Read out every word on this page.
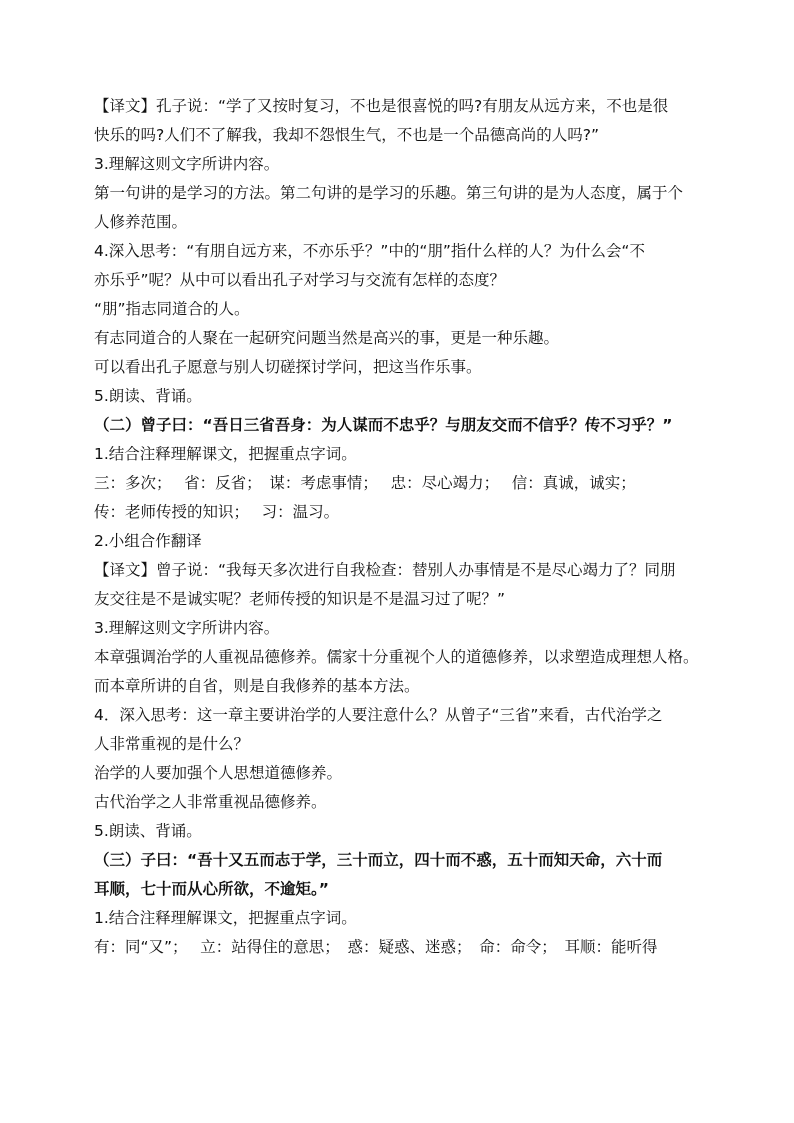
【译文】孔子说：“学了又按时复习，不也是很喜悦的吗?有朋友从远方来，不也是很

快乐的吗?人们不了解我，我却不怨恨生气，不也是一个品德高尚的人吗?”

3.理解这则文字所讲内容。

第一句讲的是学习的方法。第二句讲的是学习的乐趣。第三句讲的是为人态度，属于个

人修养范围。

4.深入思考：“有朋自远方来，不亦乐乎？”中的“朋”指什么样的人？为什么会“不

亦乐乎”呢？从中可以看出孔子对学习与交流有怎样的态度？

“朋”指志同道合的人。

有志同道合的人聚在一起研究问题当然是高兴的事，更是一种乐趣。

可以看出孔子愿意与别人切磋探讨学问，把这当作乐事。

5.朗读、背诵。

（二）曾子曰：“吾日三省吾身：为人谋而不忠乎？与朋友交而不信乎？传不习乎？”

1.结合注释理解课文，把握重点字词。

三：多次；　 省：反省；　谋：考虑事情；　 忠：尽心竭力；　 信：真诚，诚实；

传：老师传授的知识；　 习：温习。

2.小组合作翻译

【译文】曾子说：“我每天多次进行自我检查：替别人办事情是不是尽心竭力了？同朋

友交往是不是诚实呢？老师传授的知识是不是温习过了呢？”

3.理解这则文字所讲内容。

本章强调治学的人重视品德修养。儒家十分重视个人的道德修养，以求塑造成理想人格。

而本章所讲的自省，则是自我修养的基本方法。

4．深入思考：这一章主要讲治学的人要注意什么？从曾子“三省”来看，古代治学之

人非常重视的是什么？

治学的人要加强个人思想道德修养。

古代治学之人非常重视品德修养。

5.朗读、背诵。

（三）子曰：“吾十又五而志于学，三十而立，四十而不惑，五十而知天命，六十而

耳顺，七十而从心所欲，不逾矩。”

1.结合注释理解课文，把握重点字词。

有：同“又”；　 立：站得住的意思；　惑：疑惑、迷惑；　命：命令；　耳顺：能听得
